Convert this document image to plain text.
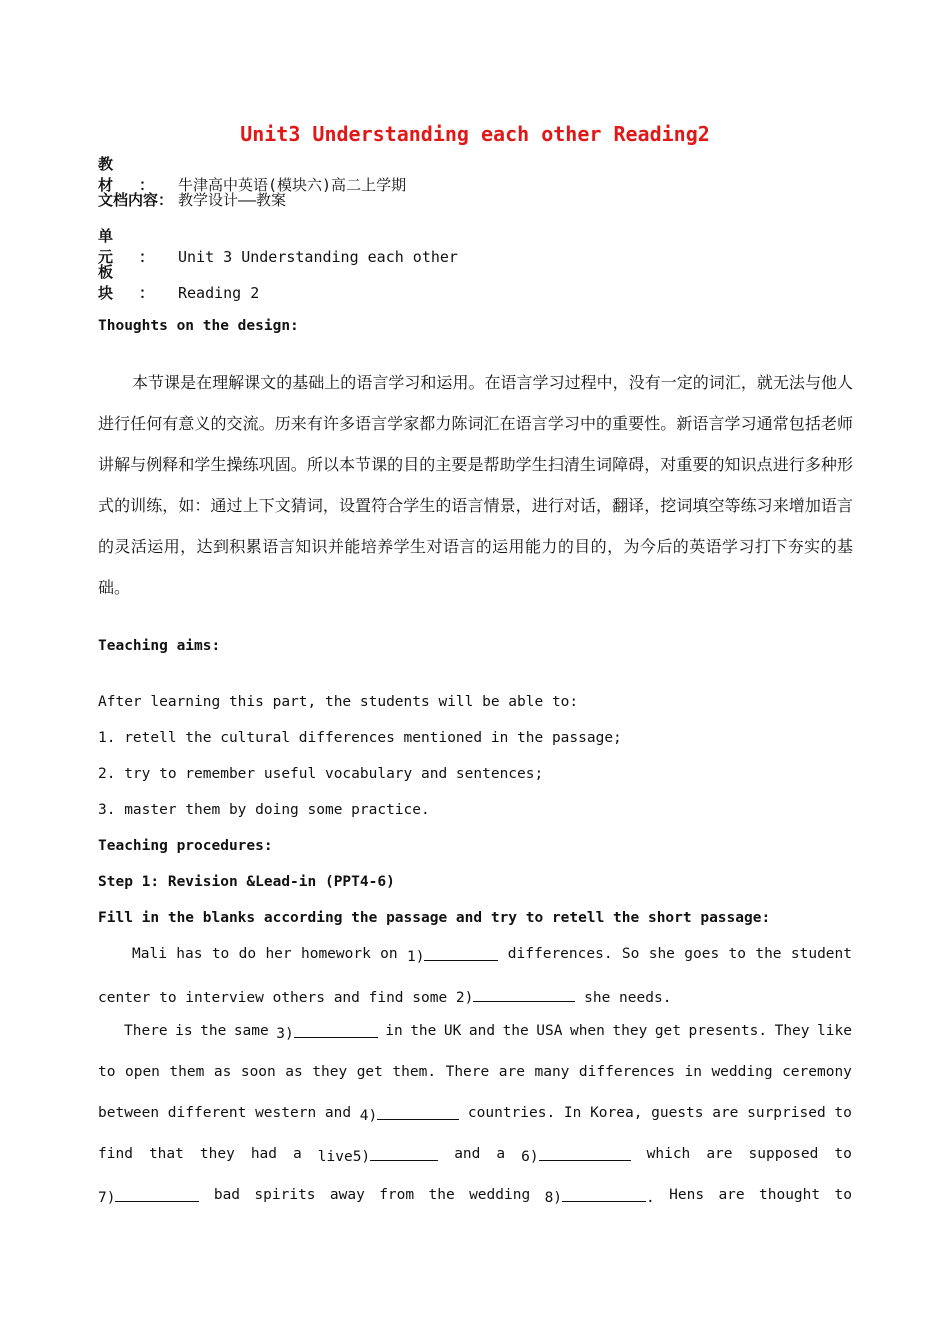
Unit3 Understanding each other Reading2
教材：牛津高中英语(模块六)高二上学期
文档内容： 教学设计——教案
单元：Unit 3 Understanding each other
板块：Reading 2
Thoughts on the design:

本节课是在理解课文的基础上的语言学习和运用。在语言学习过程中，没有一定的词汇，就无法与他人进行任何有意义的交流。历来有许多语言学家都力陈词汇在语言学习中的重要性。新语言学习通常包括老师讲解与例释和学生操练巩固。所以本节课的目的主要是帮助学生扫清生词障碍，对重要的知识点进行多种形式的训练，如：通过上下文猜词，设置符合学生的语言情景，进行对话，翻译，挖词填空等练习来增加语言的灵活运用，达到积累语言知识并能培养学生对语言的运用能力的目的，为今后的英语学习打下夯实的基础。

Teaching aims:
After learning this part, the students will be able to:
1. retell the cultural differences mentioned in the passage;
2. try to remember useful vocabulary and sentences;
3. master them by doing some practice.
Teaching procedures:
Step 1: Revision &Lead-in (PPT4-6)
Fill in the blanks according the passage and try to retell the short passage:
Mali has to do her homework on 1)	differences. So she goes to the student
center to interview others and find some 2)	she needs.
There is the same 3)	in the UK and the USA when they get presents. They like
to open them as soon as they get them. There are many differences in wedding ceremony
between different western and 4)	countries. In Korea, guests are surprised to
find that they had a live5)	and a 6)	which are supposed to
7)	bad spirits away from the wedding 8)	. Hens are thought to
